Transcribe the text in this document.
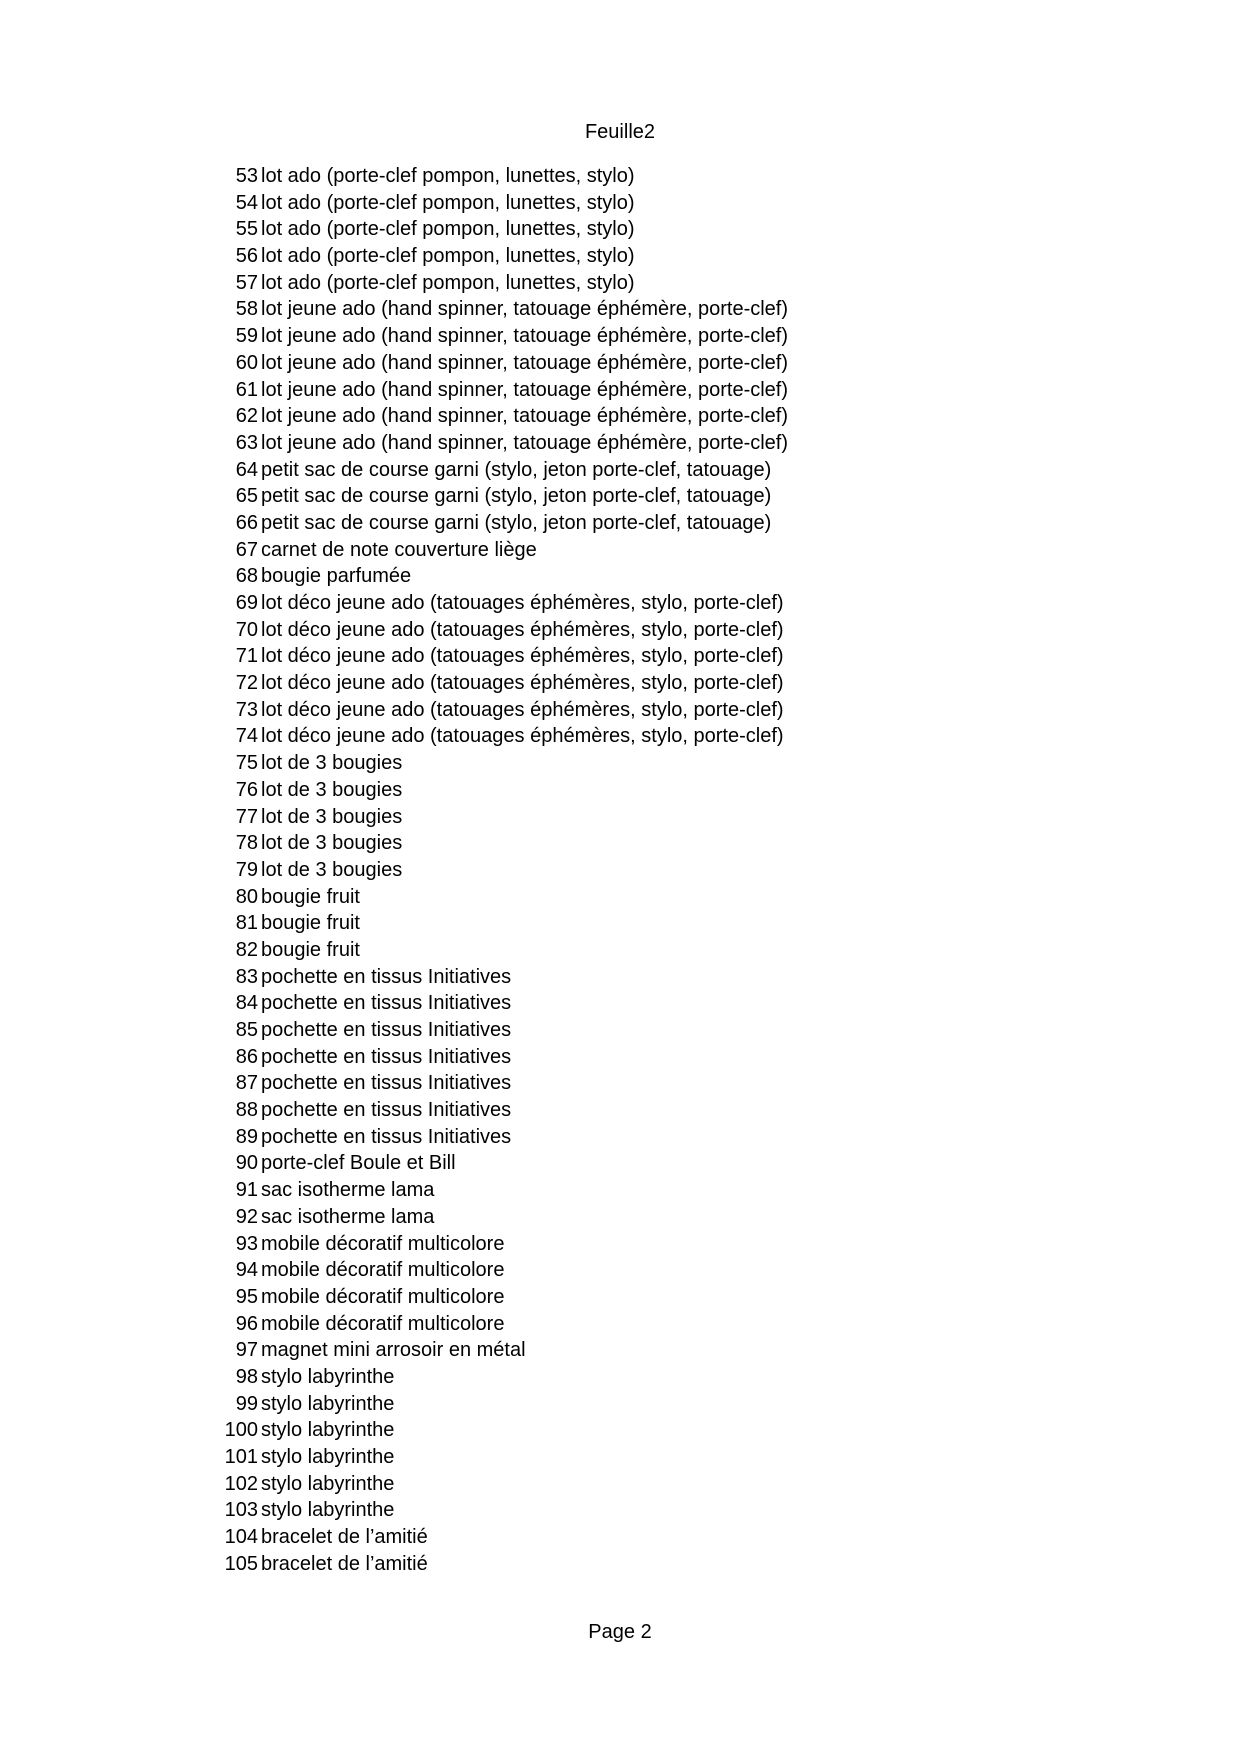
Feuille2
53 lot ado (porte-clef pompon, lunettes, stylo)
54 lot ado (porte-clef pompon, lunettes, stylo)
55 lot ado (porte-clef pompon, lunettes, stylo)
56 lot ado (porte-clef pompon, lunettes, stylo)
57 lot ado (porte-clef pompon, lunettes, stylo)
58 lot jeune ado (hand spinner, tatouage éphémère, porte-clef)
59 lot jeune ado (hand spinner, tatouage éphémère, porte-clef)
60 lot jeune ado (hand spinner, tatouage éphémère, porte-clef)
61 lot jeune ado (hand spinner, tatouage éphémère, porte-clef)
62 lot jeune ado (hand spinner, tatouage éphémère, porte-clef)
63 lot jeune ado (hand spinner, tatouage éphémère, porte-clef)
64 petit sac de course garni (stylo, jeton porte-clef, tatouage)
65 petit sac de course garni (stylo, jeton porte-clef, tatouage)
66 petit sac de course garni (stylo, jeton porte-clef, tatouage)
67 carnet de note couverture liège
68 bougie parfumée
69 lot déco jeune ado (tatouages éphémères, stylo, porte-clef)
70 lot déco jeune ado (tatouages éphémères, stylo, porte-clef)
71 lot déco jeune ado (tatouages éphémères, stylo, porte-clef)
72 lot déco jeune ado (tatouages éphémères, stylo, porte-clef)
73 lot déco jeune ado (tatouages éphémères, stylo, porte-clef)
74 lot déco jeune ado (tatouages éphémères, stylo, porte-clef)
75 lot de 3 bougies
76 lot de 3 bougies
77 lot de 3 bougies
78 lot de 3 bougies
79 lot de 3 bougies
80 bougie fruit
81 bougie fruit
82 bougie fruit
83 pochette en tissus Initiatives
84 pochette en tissus Initiatives
85 pochette en tissus Initiatives
86 pochette en tissus Initiatives
87 pochette en tissus Initiatives
88 pochette en tissus Initiatives
89 pochette en tissus Initiatives
90 porte-clef Boule et Bill
91 sac isotherme lama
92 sac isotherme lama
93 mobile décoratif multicolore
94 mobile décoratif multicolore
95 mobile décoratif multicolore
96 mobile décoratif multicolore
97 magnet mini arrosoir en métal
98 stylo labyrinthe
99 stylo labyrinthe
100 stylo labyrinthe
101 stylo labyrinthe
102 stylo labyrinthe
103 stylo labyrinthe
104 bracelet de l’amitié
105 bracelet de l’amitié
Page 2
